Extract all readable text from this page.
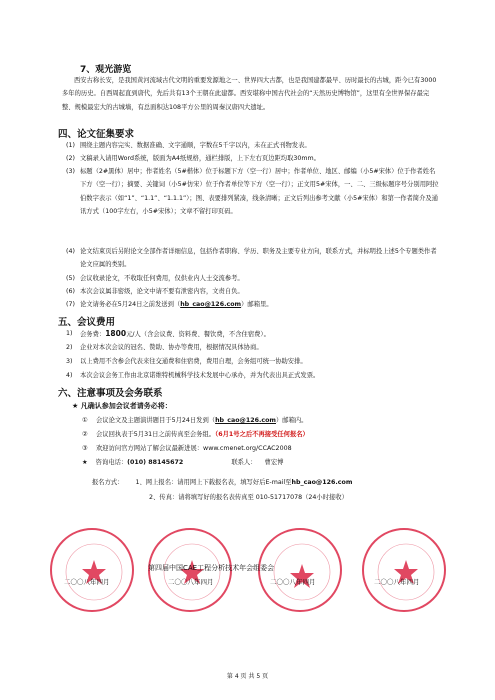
7、观光游览
西安古称长安，是我国黄河流域古代文明的重要发源地之一、世界四大古都，也是我国建都最早、历时最长的古城，距今已有3000多年的历史。自西周起直到唐代，先后共有13个王朝在此建都。西安堪称中国古代社会的“天然历史博物馆”，这里有全世界保存最完整、规模最宏大的古城墙，有总面积达108平方公里的周秦汉唐四大遗址。
四、论文征集要求
(1) 围绕主题内容完实、数据准确、文字通顺，字数在5千字以内，未在正式刊物发表。
(2) 文稿录入请用Word系统，版面为A4纸规格，通栏排版，上下左右页边距均取30mm。
(3) 标题（2#黑体）居中；作者姓名（5#楷体）位于标题下方（空一行）居中；作者单位、地区、邮编（小5#宋体）位于作者姓名下方（空一行）；摘要、关键词（小5#仿宋）位于作者单位等下方（空一行）；正文用5#宋体，一、二、三级标题序号分别用阿拉伯数字表示（如“1”、“1.1”、“1.1.1”）；图、表要排列紧凑，线条清晰；正文后列出参考文献（小5#宋体）和第一作者简介及通讯方式（100字左右，小5#宋体）；文章不留打印页码。
(4) 论文结束页后另附论文全部作者详细信息，包括作者职称、学历、职务及主要专业方向，联系方式，并标明投上述5个专题类作者论文应属的类别。
(5) 会议收录论文，不收取任何费用，仅供业内人士交流参考。
(6) 本次会议属非密级，论文中请不要有泄密内容，文责自负。
(7) 论文请务必在5月24日之前发送到（hb_cao@126.com）邮箱里。
五、会议费用
1) 会务费：1800元/人（含会议费、资料费、餐饮费，不含住宿费）。
2) 企业对本次会议的冠名、赞助、协办等费用，根据情况具体协商。
3) 以上费用不含参会代表来往交通费和住宿费，费用自理，会务组可统一协助安排。
4) 本次会议会务工作由北京诺维特机械科学技术发展中心承办，并为代表出具正式发票。
六、注意事项及会务联系
★ 凡确认参加会议者请务必将：
① 会议论文及主题演讲题目于5月24日发到（hb_cao@126.com）邮箱内。
② 会议回执表于5月31日之前传真至会务组。（6月1号之后不再接受任何报名）
③ 欢迎访问官方网站了解会议最新进展：www.cmenet.org/CCAC2008
★ 咨询电话：(010) 88145672	联系人： 曹宏博
报名方式： 1、网上报名：请用网上下载报名表，填写好后E-mail至hb_cao@126.com
2、传真：请将填写好的报名表传真至 010-51717078（24小时接收）
第四届中国CAE工程分析技术年会组委会
二〇〇八年四月	二〇〇八年四月	二〇〇八年四月	二〇〇八年四月
第 4 页 共 5 页
